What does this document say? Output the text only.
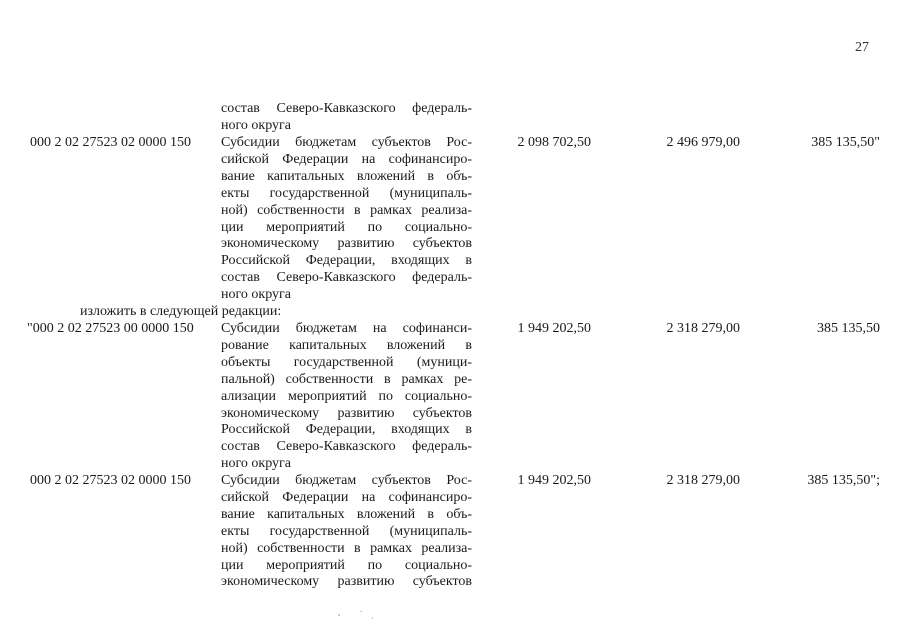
27
состав Северо-Кавказского федераль-
ного округа
000 2 02 27523 02 0000 150	Субсидии бюджетам субъектов Рос-
сийской Федерации на софинансиро-
вание капитальных вложений в объ-
екты государственной (муниципаль-
ной) собственности в рамках реализа-
ции мероприятий по социально-
экономическому развитию субъектов
Российской Федерации, входящих в
состав Северо-Кавказского федераль-
ного округа
2 098 702,50	2 496 979,00	385 135,50"
изложить в следующей редакции:
"000 2 02 27523 00 0000 150	Субсидии бюджетам на софинанси-
рование капитальных вложений в
объекты государственной (муници-
пальной) собственности в рамках ре-
ализации мероприятий по социально-
экономическому развитию субъектов
Российской Федерации, входящих в
состав Северо-Кавказского федераль-
ного округа
1 949 202,50	2 318 279,00	385 135,50
000 2 02 27523 02 0000 150	Субсидии бюджетам субъектов Рос-
сийской Федерации на софинансиро-
вание капитальных вложений в объ-
екты государственной (муниципаль-
ной) собственности в рамках реализа-
ции мероприятий по социально-
экономическому развитию субъектов
1 949 202,50	2 318 279,00	385 135,50";
